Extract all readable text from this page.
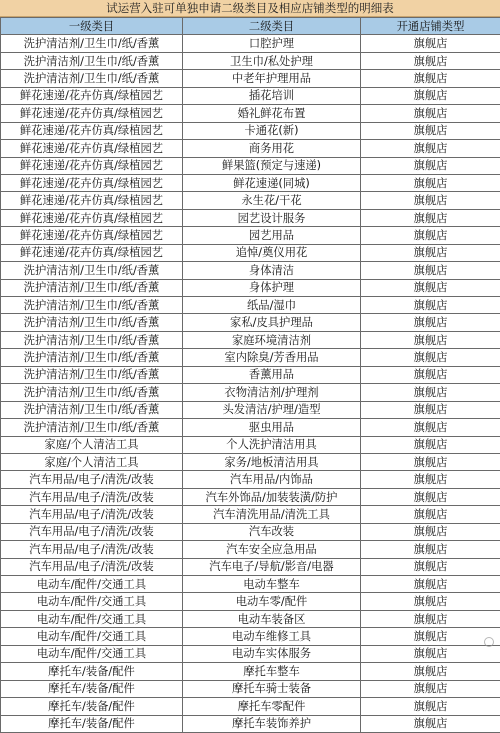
试运营入驻可单独申请二级类目及相应店铺类型的明细表
一级类目	二级类目	开通店铺类型
洗护清洁剂/卫生巾/纸/香薰	口腔护理	旗舰店
洗护清洁剂/卫生巾/纸/香薰	卫生巾/私处护理	旗舰店
洗护清洁剂/卫生巾/纸/香薰	中老年护理用品	旗舰店
鲜花速递/花卉仿真/绿植园艺	插花培训	旗舰店
鲜花速递/花卉仿真/绿植园艺	婚礼鲜花布置	旗舰店
鲜花速递/花卉仿真/绿植园艺	卡通花(新)	旗舰店
鲜花速递/花卉仿真/绿植园艺	商务用花	旗舰店
鲜花速递/花卉仿真/绿植园艺	鲜果篮(预定与速递)	旗舰店
鲜花速递/花卉仿真/绿植园艺	鲜花速递(同城)	旗舰店
鲜花速递/花卉仿真/绿植园艺	永生花/干花	旗舰店
鲜花速递/花卉仿真/绿植园艺	园艺设计服务	旗舰店
鲜花速递/花卉仿真/绿植园艺	园艺用品	旗舰店
鲜花速递/花卉仿真/绿植园艺	追悼/奠仪用花	旗舰店
洗护清洁剂/卫生巾/纸/香薰	身体清洁	旗舰店
洗护清洁剂/卫生巾/纸/香薰	身体护理	旗舰店
洗护清洁剂/卫生巾/纸/香薰	纸品/湿巾	旗舰店
洗护清洁剂/卫生巾/纸/香薰	家私/皮具护理品	旗舰店
洗护清洁剂/卫生巾/纸/香薰	家庭环境清洁剂	旗舰店
洗护清洁剂/卫生巾/纸/香薰	室内除臭/芳香用品	旗舰店
洗护清洁剂/卫生巾/纸/香薰	香薰用品	旗舰店
洗护清洁剂/卫生巾/纸/香薰	衣物清洁剂/护理剂	旗舰店
洗护清洁剂/卫生巾/纸/香薰	头发清洁/护理/造型	旗舰店
洗护清洁剂/卫生巾/纸/香薰	驱虫用品	旗舰店
家庭/个人清洁工具	个人洗护清洁用具	旗舰店
家庭/个人清洁工具	家务/地板清洁用具	旗舰店
汽车用品/电子/清洗/改装	汽车用品/内饰品	旗舰店
汽车用品/电子/清洗/改装	汽车外饰品/加装装潢/防护	旗舰店
汽车用品/电子/清洗/改装	汽车清洗用品/清洗工具	旗舰店
汽车用品/电子/清洗/改装	汽车改装	旗舰店
汽车用品/电子/清洗/改装	汽车安全应急用品	旗舰店
汽车用品/电子/清洗/改装	汽车电子/导航/影音/电器	旗舰店
电动车/配件/交通工具	电动车整车	旗舰店
电动车/配件/交通工具	电动车零/配件	旗舰店
电动车/配件/交通工具	电动车装备区	旗舰店
电动车/配件/交通工具	电动车维修工具	旗舰店
电动车/配件/交通工具	电动车实体服务	旗舰店
摩托车/装备/配件	摩托车整车	旗舰店
摩托车/装备/配件	摩托车骑士装备	旗舰店
摩托车/装备/配件	摩托车零配件	旗舰店
摩托车/装备/配件	摩托车装饰养护	旗舰店
